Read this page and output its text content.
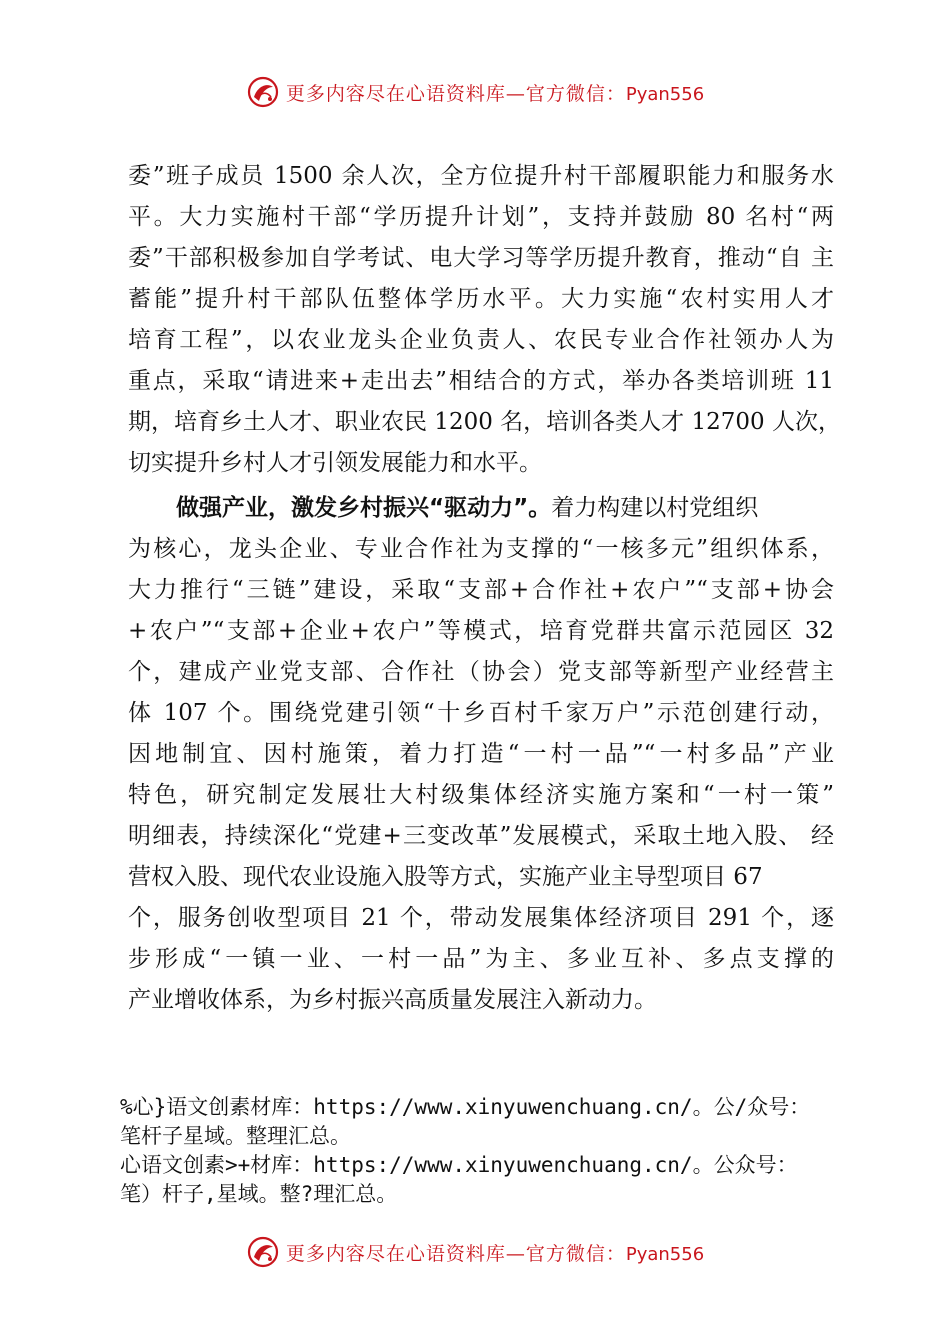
更多内容尽在心语资料库—官方微信：Pyan556
委”班子成员 1500 余人次，全方位提升村干部履职能力和服务水
平。大力实施村干部“学历提升计划”，支持并鼓励 80 名村“两
委”干部积极参加自学考试、电大学习等学历提升教育，推动“自 主
蓄能”提升村干部队伍整体学历水平。大力实施“农村实用人才
培育工程”，以农业龙头企业负责人、农民专业合作社领办人为
重点，采取“请进来+走出去”相结合的方式，举办各类培训班 11
期，培育乡土人才、职业农民 1200 名，培训各类人才 12700 人次，
切实提升乡村人才引领发展能力和水平。
做强产业，激发乡村振兴“驱动力”。着力构建以村党组织
为核心，龙头企业、专业合作社为支撑的“一核多元”组织体系，
大力推行“三链”建设，采取“支部+合作社+农户”“支部+协会
+农户”“支部+企业+农户”等模式，培育党群共富示范园区 32
个，建成产业党支部、合作社（协会）党支部等新型产业经营主
体 107 个。围绕党建引领“十乡百村千家万户”示范创建行动，
因地制宜、因村施策，着力打造“一村一品”“一村多品”产业
特色，研究制定发展壮大村级集体经济实施方案和“一村一策”
明细表，持续深化“党建+三变改革”发展模式，采取土地入股、 经
营权入股、现代农业设施入股等方式，实施产业主导型项目 67
个，服务创收型项目 21 个，带动发展集体经济项目 291 个，逐
步形成“一镇一业、一村一品”为主、多业互补、多点支撑的
产业增收体系，为乡村振兴高质量发展注入新动力。
%心}语文创素材库：https://www.xinyuwenchuang.cn/。公/众号：
笔杆子星域。整理汇总。
心语文创素>+材库：https://www.xinyuwenchuang.cn/。公众号：
笔）杆子,星域。整?理汇总。
更多内容尽在心语资料库—官方微信：Pyan556
